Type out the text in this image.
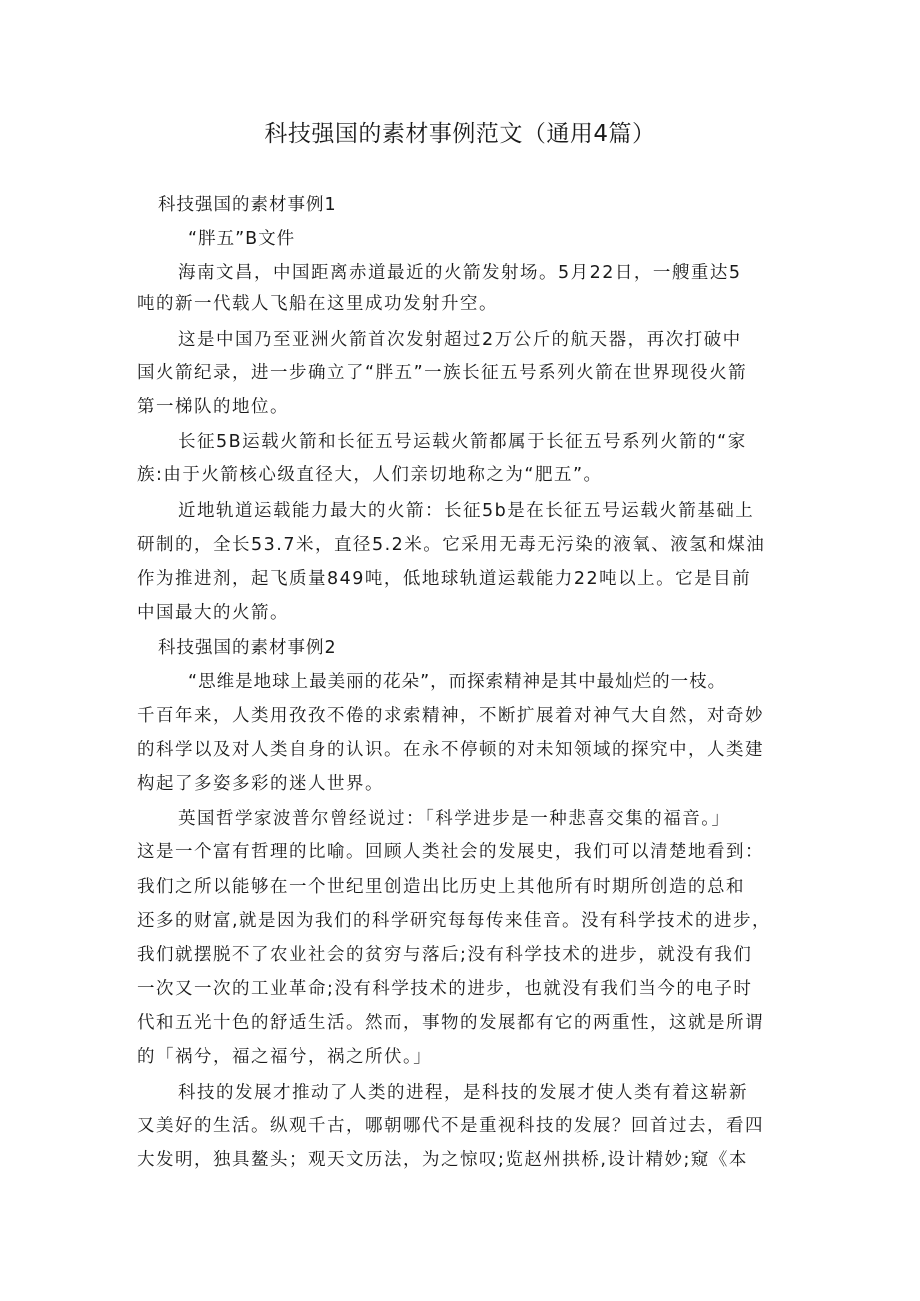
科技强国的素材事例范文（通用4篇）

科技强国的素材事例1

“胖五”B文件

海南文昌，中国距离赤道最近的火箭发射场。5月22日，一艘重达5

吨的新一代载人飞船在这里成功发射升空。

这是中国乃至亚洲火箭首次发射超过2万公斤的航天器，再次打破中

国火箭纪录，进一步确立了“胖五”一族长征五号系列火箭在世界现役火箭

第一梯队的地位。

长征5B运载火箭和长征五号运载火箭都属于长征五号系列火箭的“家

族:由于火箭核心级直径大，人们亲切地称之为“肥五”。

近地轨道运载能力最大的火箭：长征5b是在长征五号运载火箭基础上

研制的，全长53.7米，直径5.2米。它采用无毒无污染的液氧、液氢和煤油

作为推进剂，起飞质量849吨，低地球轨道运载能力22吨以上。它是目前

中国最大的火箭。

科技强国的素材事例2

“思维是地球上最美丽的花朵”，而探索精神是其中最灿烂的一枝。

千百年来，人类用孜孜不倦的求索精神，不断扩展着对神气大自然，对奇妙

的科学以及对人类自身的认识。在永不停顿的对未知领域的探究中，人类建

构起了多姿多彩的迷人世界。

英国哲学家波普尔曾经说过：「科学进步是一种悲喜交集的福音。」

这是一个富有哲理的比喻。回顾人类社会的发展史，我们可以清楚地看到：

我们之所以能够在一个世纪里创造出比历史上其他所有时期所创造的总和

还多的财富,就是因为我们的科学研究每每传来佳音。没有科学技术的进步，

我们就摆脱不了农业社会的贫穷与落后;没有科学技术的进步，就没有我们

一次又一次的工业革命;没有科学技术的进步，也就没有我们当今的电子时

代和五光十色的舒适生活。然而，事物的发展都有它的两重性，这就是所谓

的「祸兮，福之福兮，祸之所伏。」

科技的发展才推动了人类的进程，是科技的发展才使人类有着这崭新

又美好的生活。纵观千古，哪朝哪代不是重视科技的发展？回首过去，看四

大发明，独具鳌头；观天文历法，为之惊叹;览赵州拱桥,设计精妙;窥《本
